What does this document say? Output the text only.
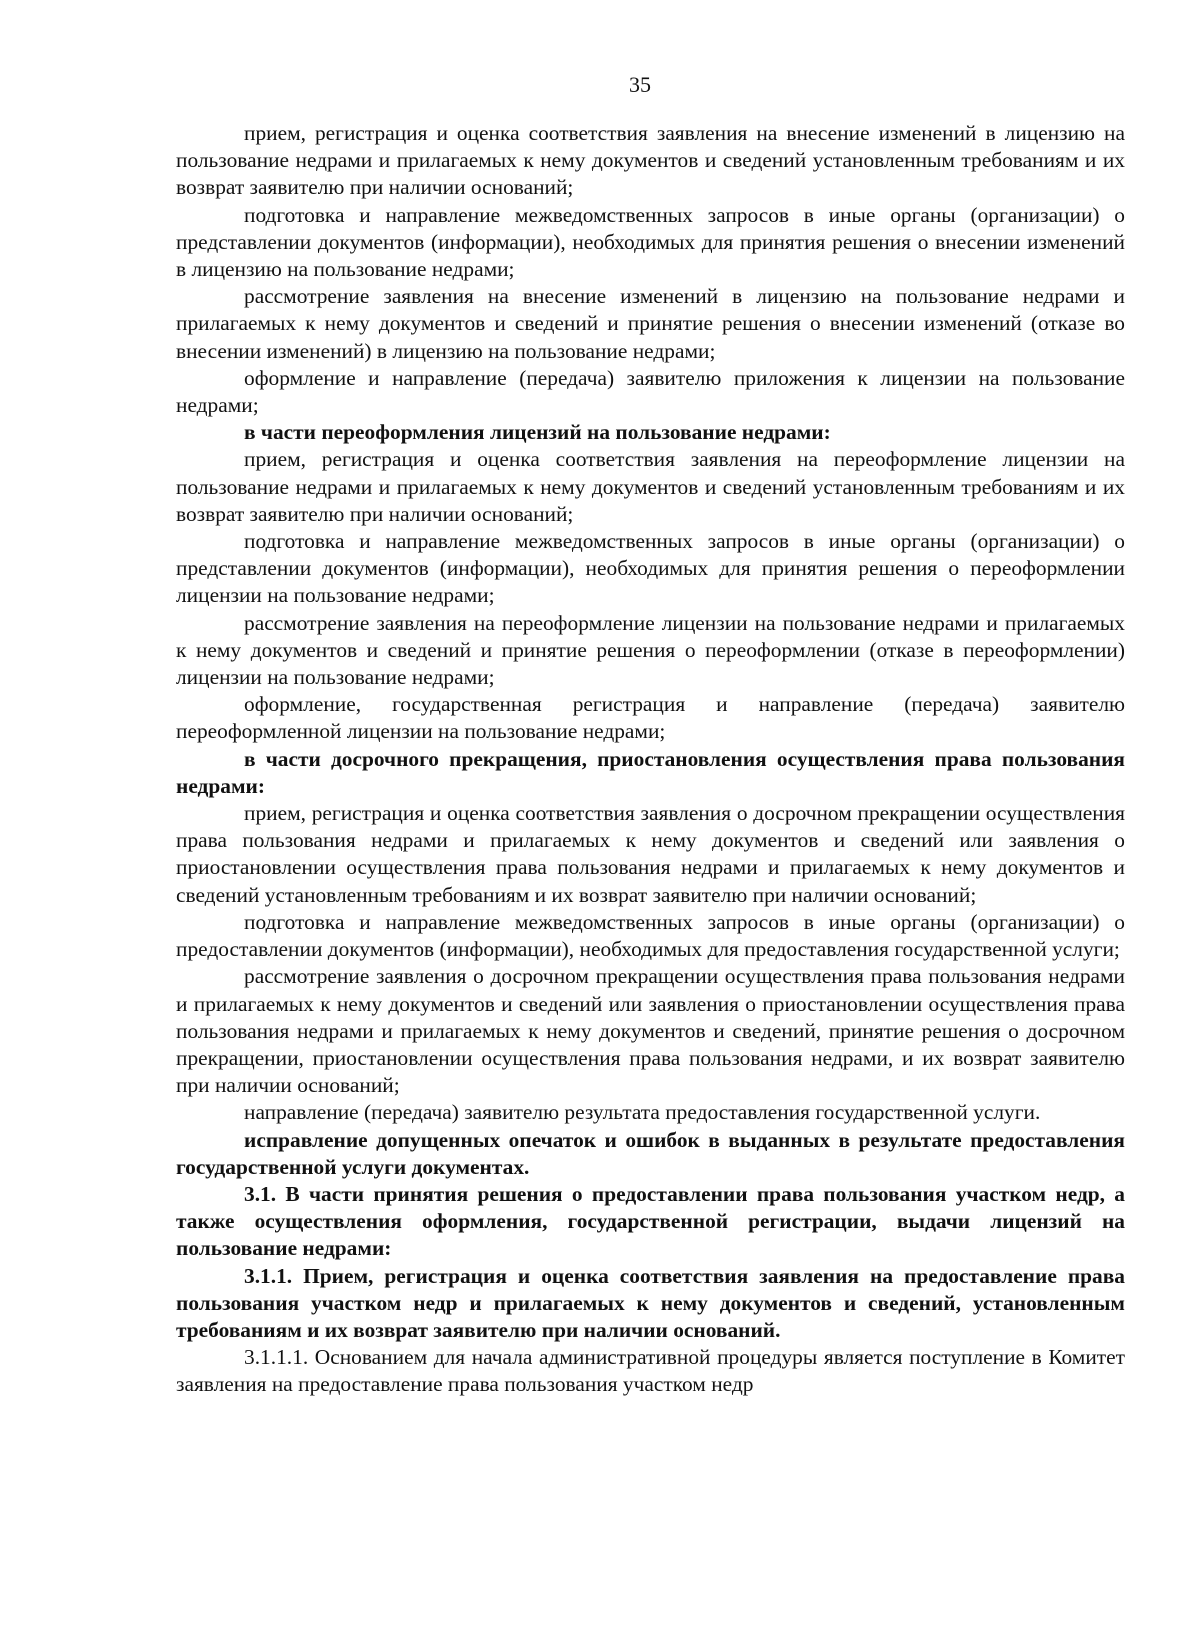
35

прием, регистрация и оценка соответствия заявления на внесение изменений в лицензию на пользование недрами и прилагаемых к нему документов и сведений установленным требованиям и их возврат заявителю при наличии оснований;

подготовка и направление межведомственных запросов в иные органы (организации) о представлении документов (информации), необходимых для принятия решения о внесении изменений в лицензию на пользование недрами;

рассмотрение заявления на внесение изменений в лицензию на пользование недрами и прилагаемых к нему документов и сведений и принятие решения о внесении изменений (отказе во внесении изменений) в лицензию на пользование недрами;

оформление и направление (передача) заявителю приложения к лицензии на пользование недрами;

в части переоформления лицензий на пользование недрами:

прием, регистрация и оценка соответствия заявления на переоформление лицензии на пользование недрами и прилагаемых к нему документов и сведений установленным требованиям и их возврат заявителю при наличии оснований;

подготовка и направление межведомственных запросов в иные органы (организации) о представлении документов (информации), необходимых для принятия решения о переоформлении лицензии на пользование недрами;

рассмотрение заявления на переоформление лицензии на пользование недрами и прилагаемых к нему документов и сведений и принятие решения о переоформлении (отказе в переоформлении) лицензии на пользование недрами;

оформление, государственная регистрация и направление (передача) заявителю переоформленной лицензии на пользование недрами;

в части досрочного прекращения, приостановления осуществления права пользования недрами:

прием, регистрация и оценка соответствия заявления о досрочном прекращении осуществления права пользования недрами и прилагаемых к нему документов и сведений или заявления о приостановлении осуществления права пользования недрами и прилагаемых к нему документов и сведений установленным требованиям и их возврат заявителю при наличии оснований;

подготовка и направление межведомственных запросов в иные органы (организации) о предоставлении документов (информации), необходимых для предоставления государственной услуги;

рассмотрение заявления о досрочном прекращении осуществления права пользования недрами и прилагаемых к нему документов и сведений или заявления о приостановлении осуществления права пользования недрами и прилагаемых к нему документов и сведений, принятие решения о досрочном прекращении, приостановлении осуществления права пользования недрами, и их возврат заявителю при наличии оснований;

направление (передача) заявителю результата предоставления государственной услуги.

исправление допущенных опечаток и ошибок в выданных в результате предоставления государственной услуги документах.

3.1. В части принятия решения о предоставлении права пользования участком недр, а также осуществления оформления, государственной регистрации, выдачи лицензий на пользование недрами:

3.1.1. Прием, регистрация и оценка соответствия заявления на предоставление права пользования участком недр и прилагаемых к нему документов и сведений, установленным требованиям и их возврат заявителю при наличии оснований.

3.1.1.1. Основанием для начала административной процедуры является поступление в Комитет заявления на предоставление права пользования участком недр
